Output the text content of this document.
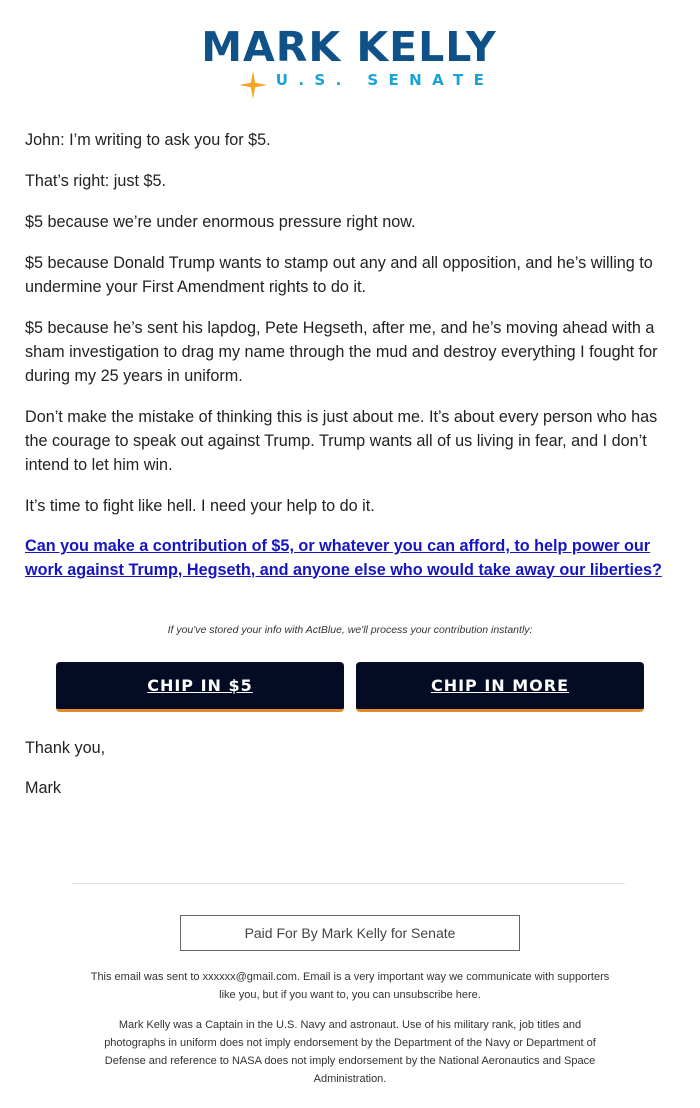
MARK KELLY
U.S. SENATE

John: I’m writing to ask you for $5.

That’s right: just $5.

$5 because we’re under enormous pressure right now.

$5 because Donald Trump wants to stamp out any and all opposition, and he’s willing to undermine your First Amendment rights to do it.

$5 because he’s sent his lapdog, Pete Hegseth, after me, and he’s moving ahead with a sham investigation to drag my name through the mud and destroy everything I fought for during my 25 years in uniform.

Don’t make the mistake of thinking this is just about me. It’s about every person who has the courage to speak out against Trump. Trump wants all of us living in fear, and I don’t intend to let him win.

It’s time to fight like hell. I need your help to do it.

Can you make a contribution of $5, or whatever you can afford, to help power our work against Trump, Hegseth, and anyone else who would take away our liberties?
If you've stored your info with ActBlue, we'll process your contribution instantly:
CHIP IN $5	CHIP IN MORE
Thank you,
Mark
Paid For By Mark Kelly for Senate
This email was sent to xxxxxx@gmail.com. Email is a very important way we communicate with supporters like you, but if you want to, you can unsubscribe here.
Mark Kelly was a Captain in the U.S. Navy and astronaut. Use of his military rank, job titles and photographs in uniform does not imply endorsement by the Department of the Navy or Department of Defense and reference to NASA does not imply endorsement by the National Aeronautics and Space Administration.
